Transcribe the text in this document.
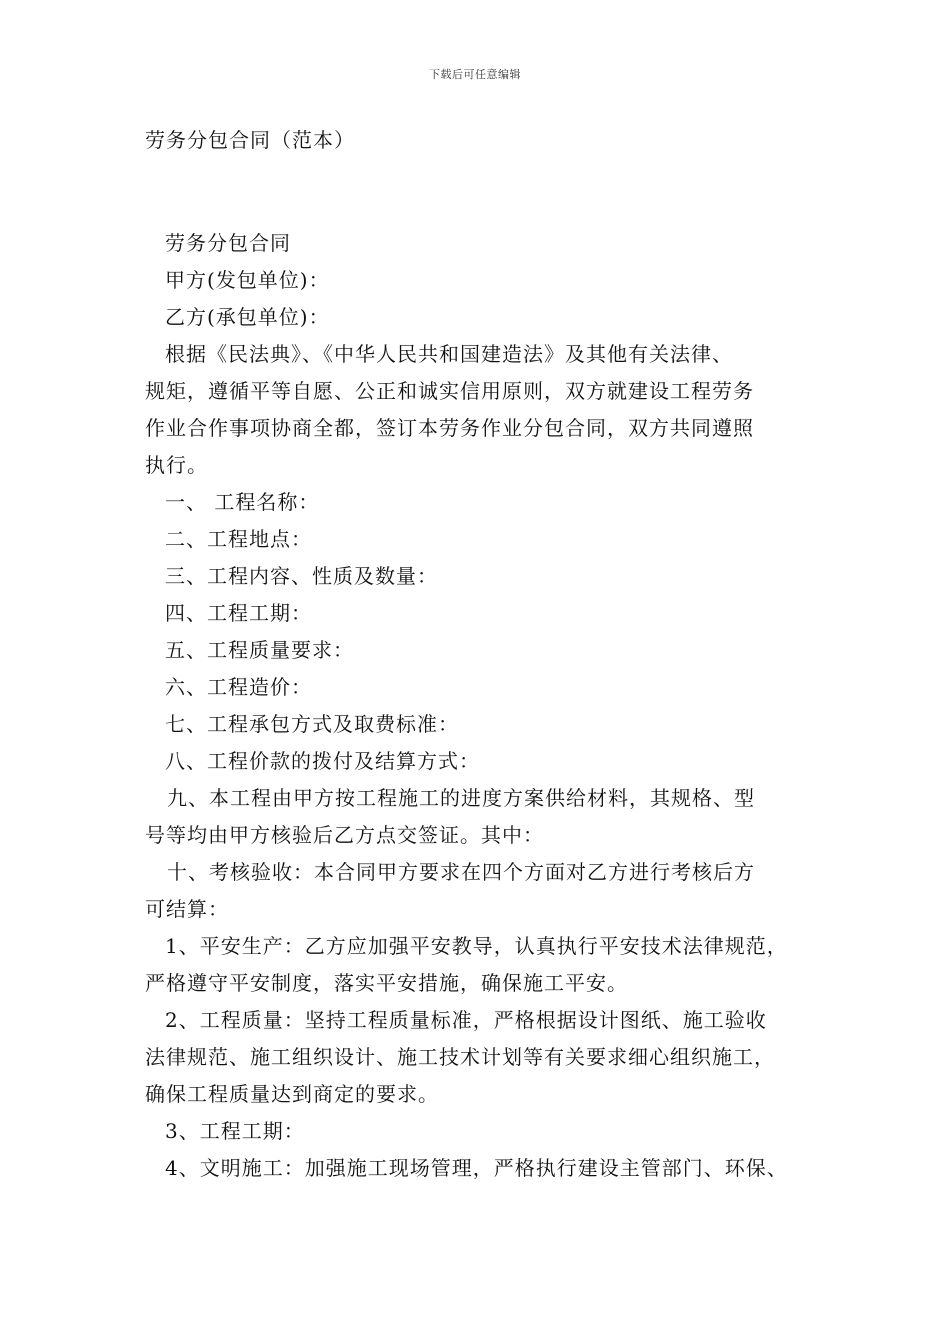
下载后可任意编辑
劳务分包合同（范本）

劳务分包合同

甲方(发包单位)：

乙方(承包单位)：

根据《民法典》、《中华人民共和国建造法》及其他有关法律、

规矩，遵循平等自愿、公正和诚实信用原则，双方就建设工程劳务

作业合作事项协商全都，签订本劳务作业分包合同，双方共同遵照

执行。

一、 工程名称：

二、工程地点：

三、工程内容、性质及数量：

四、工程工期：

五、工程质量要求：

六、工程造价：

七、工程承包方式及取费标准：

八、工程价款的拨付及结算方式：

九、本工程由甲方按工程施工的进度方案供给材料，其规格、型

号等均由甲方核验后乙方点交签证。其中：

十、考核验收：本合同甲方要求在四个方面对乙方进行考核后方

可结算：

1、平安生产：乙方应加强平安教导，认真执行平安技术法律规范，

严格遵守平安制度，落实平安措施，确保施工平安。

2、工程质量：坚持工程质量标准，严格根据设计图纸、施工验收

法律规范、施工组织设计、施工技术计划等有关要求细心组织施工，

确保工程质量达到商定的要求。

3、工程工期：

4、文明施工：加强施工现场管理，严格执行建设主管部门、环保、
